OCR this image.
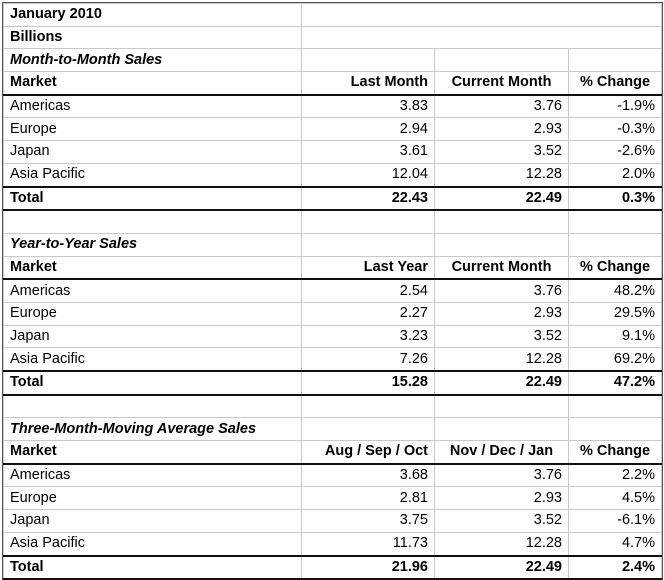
January 2010			
Billions			
Month-to-Month Sales			
Market	Last Month	Current Month	% Change
Americas	3.83	3.76	-1.9%
Europe	2.94	2.93	-0.3%
Japan	3.61	3.52	-2.6%
Asia Pacific	12.04	12.28	2.0%
Total	22.43	22.49	0.3%

Year-to-Year Sales			
Market	Last Year	Current Month	% Change
Americas	2.54	3.76	48.2%
Europe	2.27	2.93	29.5%
Japan	3.23	3.52	9.1%
Asia Pacific	7.26	12.28	69.2%
Total	15.28	22.49	47.2%

Three-Month-Moving Average Sales			
Market	Aug / Sep / Oct	Nov / Dec / Jan	% Change
Americas	3.68	3.76	2.2%
Europe	2.81	2.93	4.5%
Japan	3.75	3.52	-6.1%
Asia Pacific	11.73	12.28	4.7%
Total	21.96	22.49	2.4%
